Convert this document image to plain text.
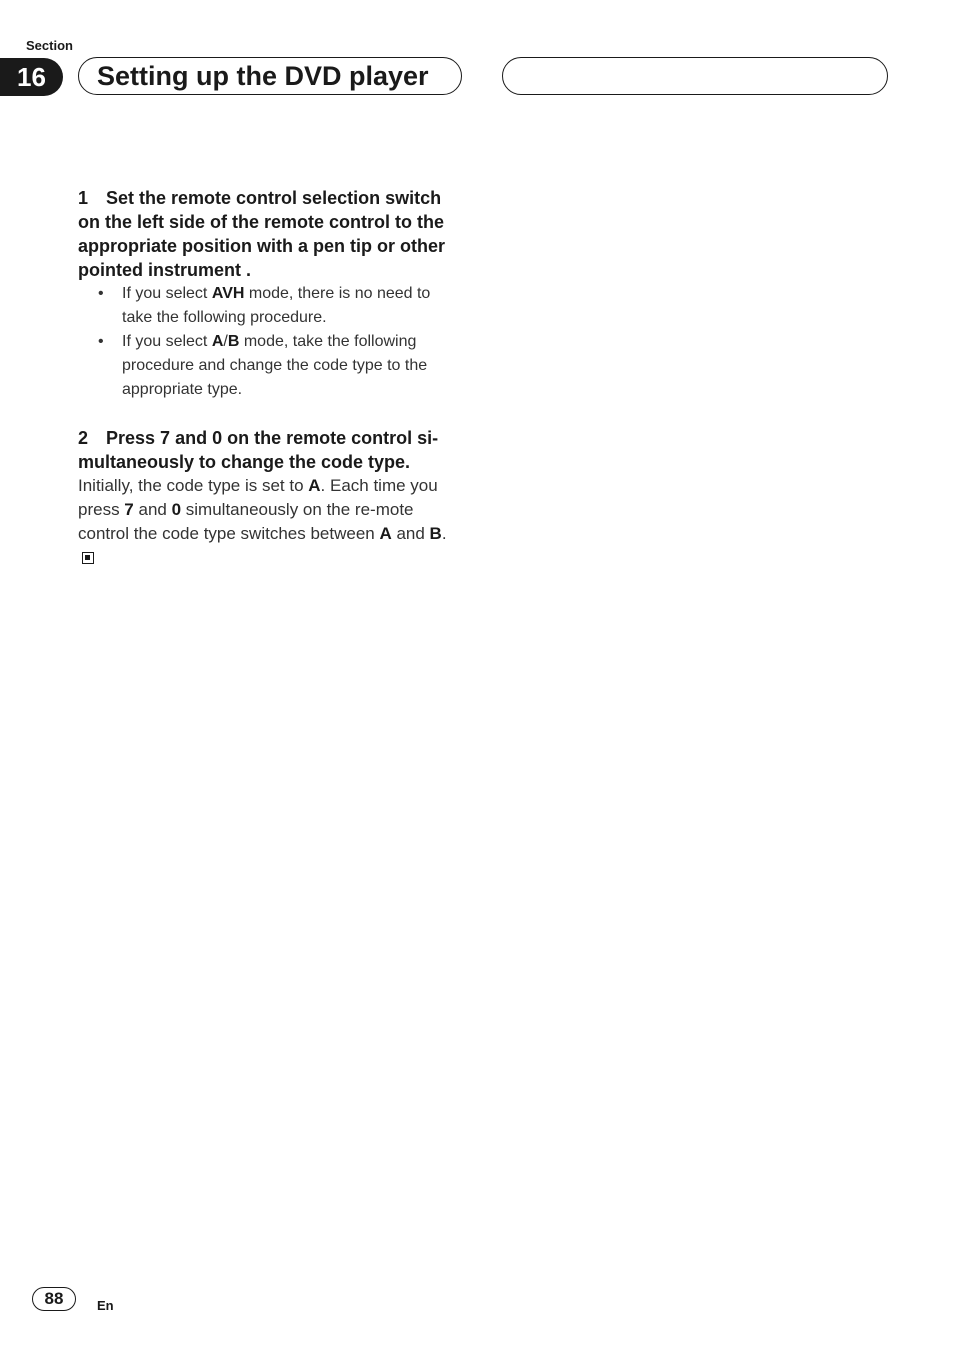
Section
16	Setting up the DVD player

1 Set the remote control selection switch on the left side of the remote control to the appropriate position with a pen tip or other pointed instrument .

• If you select AVH mode, there is no need to take the following procedure.
• If you select A/B mode, take the following procedure and change the code type to the appropriate type.

2 Press 7 and 0 on the remote control si-multaneously to change the code type.

Initially, the code type is set to A. Each time you press 7 and 0 simultaneously on the re-mote control the code type switches between A and B.

88	En
